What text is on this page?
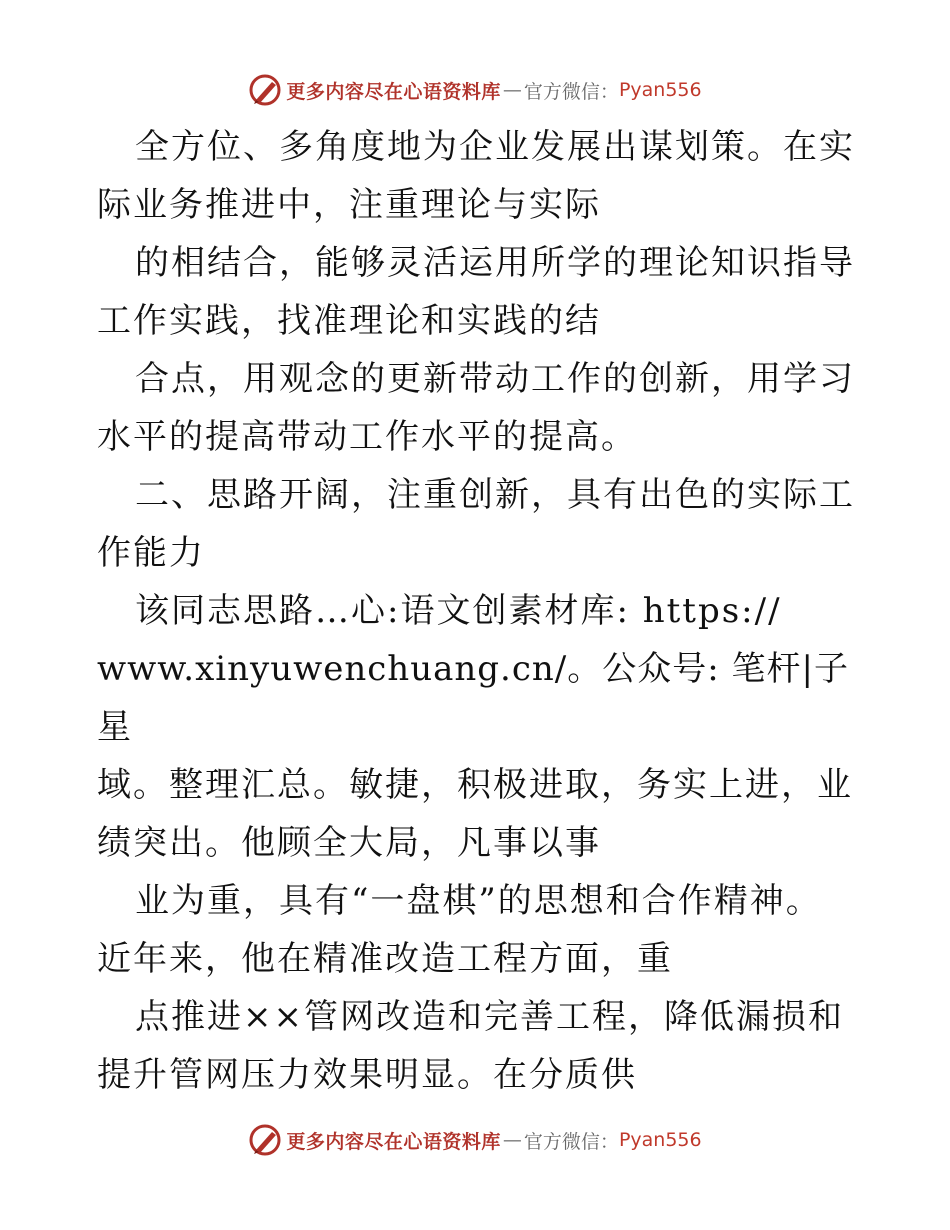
更多内容尽在心语资料库 — 官方微信： Pyan556

全方位、多角度地为企业发展出谋划策。在实际业务推进中，注重理论与实际

的相结合，能够灵活运用所学的理论知识指导工作实践，找准理论和实践的结

合点，用观念的更新带动工作的创新，用学习水平的提高带动工作水平的提高。

二、思路开阔，注重创新，具有出色的实际工作能力

该同志思路…心:语文创素材库: https://

www.xinyuwenchuang.cn/。公众号: 笔杆|子星

域。整理汇总。敏捷，积极进取，务实上进，业绩突出。他顾全大局，凡事以事

业为重，具有“一盘棋”的思想和合作精神。近年来，他在精准改造工程方面，重

点推进××管网改造和完善工程，降低漏损和提升管网压力效果明显。在分质供

更多内容尽在心语资料库 — 官方微信： Pyan556
